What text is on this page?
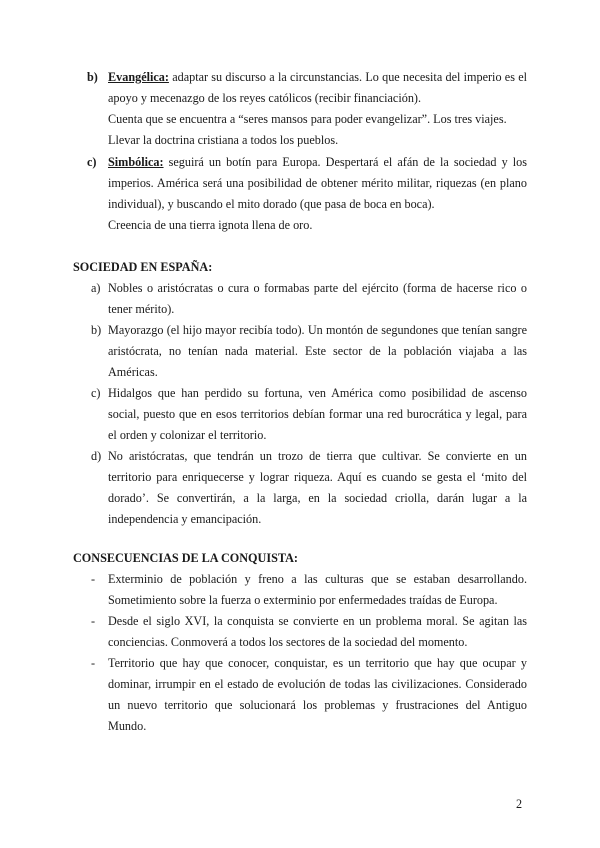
b) Evangélica: adaptar su discurso a la circunstancias. Lo que necesita del imperio es el apoyo y mecenazgo de los reyes católicos (recibir financiación).
Cuenta que se encuentra a “seres mansos para poder evangelizar”. Los tres viajes.
Llevar la doctrina cristiana a todos los pueblos.
c) Simbólica: seguirá un botín para Europa. Despertará el afán de la sociedad y los imperios. América será una posibilidad de obtener mérito militar, riquezas (en plano individual), y buscando el mito dorado (que pasa de boca en boca).
Creencia de una tierra ignota llena de oro.
SOCIEDAD EN ESPAÑA:
a) Nobles o aristócratas o cura o formabas parte del ejército (forma de hacerse rico o tener mérito).
b) Mayorazgo (el hijo mayor recibía todo). Un montón de segundones que tenían sangre aristócrata, no tenían nada material. Este sector de la población viajaba a las Américas.
c) Hidalgos que han perdido su fortuna, ven América como posibilidad de ascenso social, puesto que en esos territorios debían formar una red burocrática y legal, para el orden y colonizar el territorio.
d) No aristócratas, que tendrán un trozo de tierra que cultivar. Se convierte en un territorio para enriquecerse y lograr riqueza. Aquí es cuando se gesta el ‘mito del dorado’. Se convertirán, a la larga, en la sociedad criolla, darán lugar a la independencia y emancipación.
CONSECUENCIAS DE LA CONQUISTA:
- Exterminio de población y freno a las culturas que se estaban desarrollando. Sometimiento sobre la fuerza o exterminio por enfermedades traídas de Europa.
- Desde el siglo XVI, la conquista se convierte en un problema moral. Se agitan las conciencias. Conmoverá a todos los sectores de la sociedad del momento.
- Territorio que hay que conocer, conquistar, es un territorio que hay que ocupar y dominar, irrumpir en el estado de evolución de todas las civilizaciones. Considerado un nuevo territorio que solucionará los problemas y frustraciones del Antiguo Mundo.
2
